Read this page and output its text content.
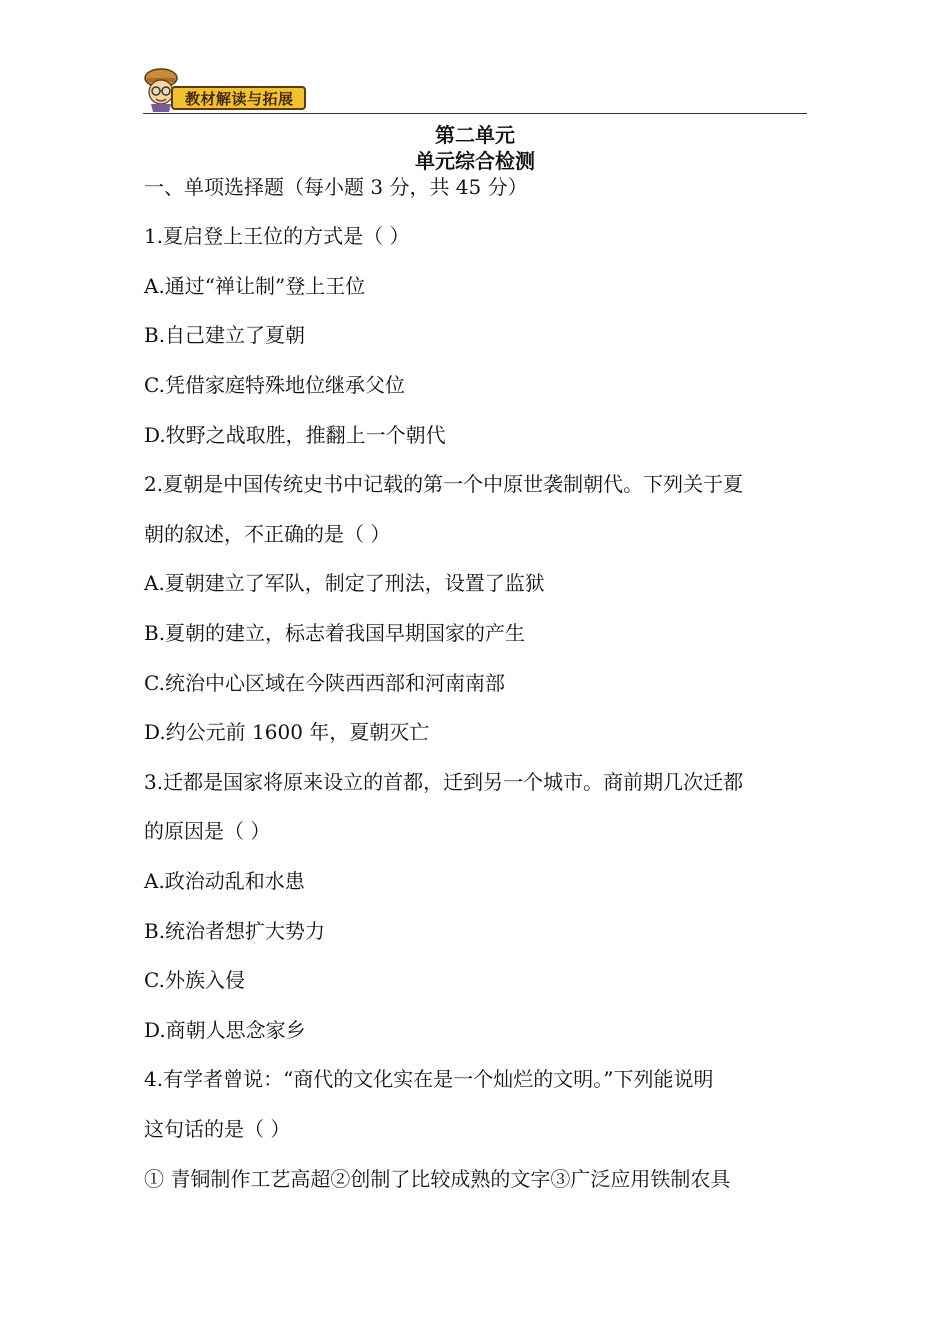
教材解读与拓展
第二单元
单元综合检测
一、单项选择题（每小题 3 分，共 45 分）
1.夏启登上王位的方式是（ ）
A.通过“禅让制”登上王位
B.自己建立了夏朝
C.凭借家庭特殊地位继承父位
D.牧野之战取胜，推翻上一个朝代
2.夏朝是中国传统史书中记载的第一个中原世袭制朝代。下列关于夏
朝的叙述，不正确的是（ ）
A.夏朝建立了军队，制定了刑法，设置了监狱
B.夏朝的建立，标志着我国早期国家的产生
C.统治中心区域在今陕西西部和河南南部
D.约公元前 1600 年，夏朝灭亡
3.迁都是国家将原来设立的首都，迁到另一个城市。商前期几次迁都
的原因是（ ）
A.政治动乱和水患
B.统治者想扩大势力
C.外族入侵
D.商朝人思念家乡
4.有学者曾说：“商代的文化实在是一个灿烂的文明。”下列能说明
这句话的是（ ）
① 青铜制作工艺高超②创制了比较成熟的文字③广泛应用铁制农具
